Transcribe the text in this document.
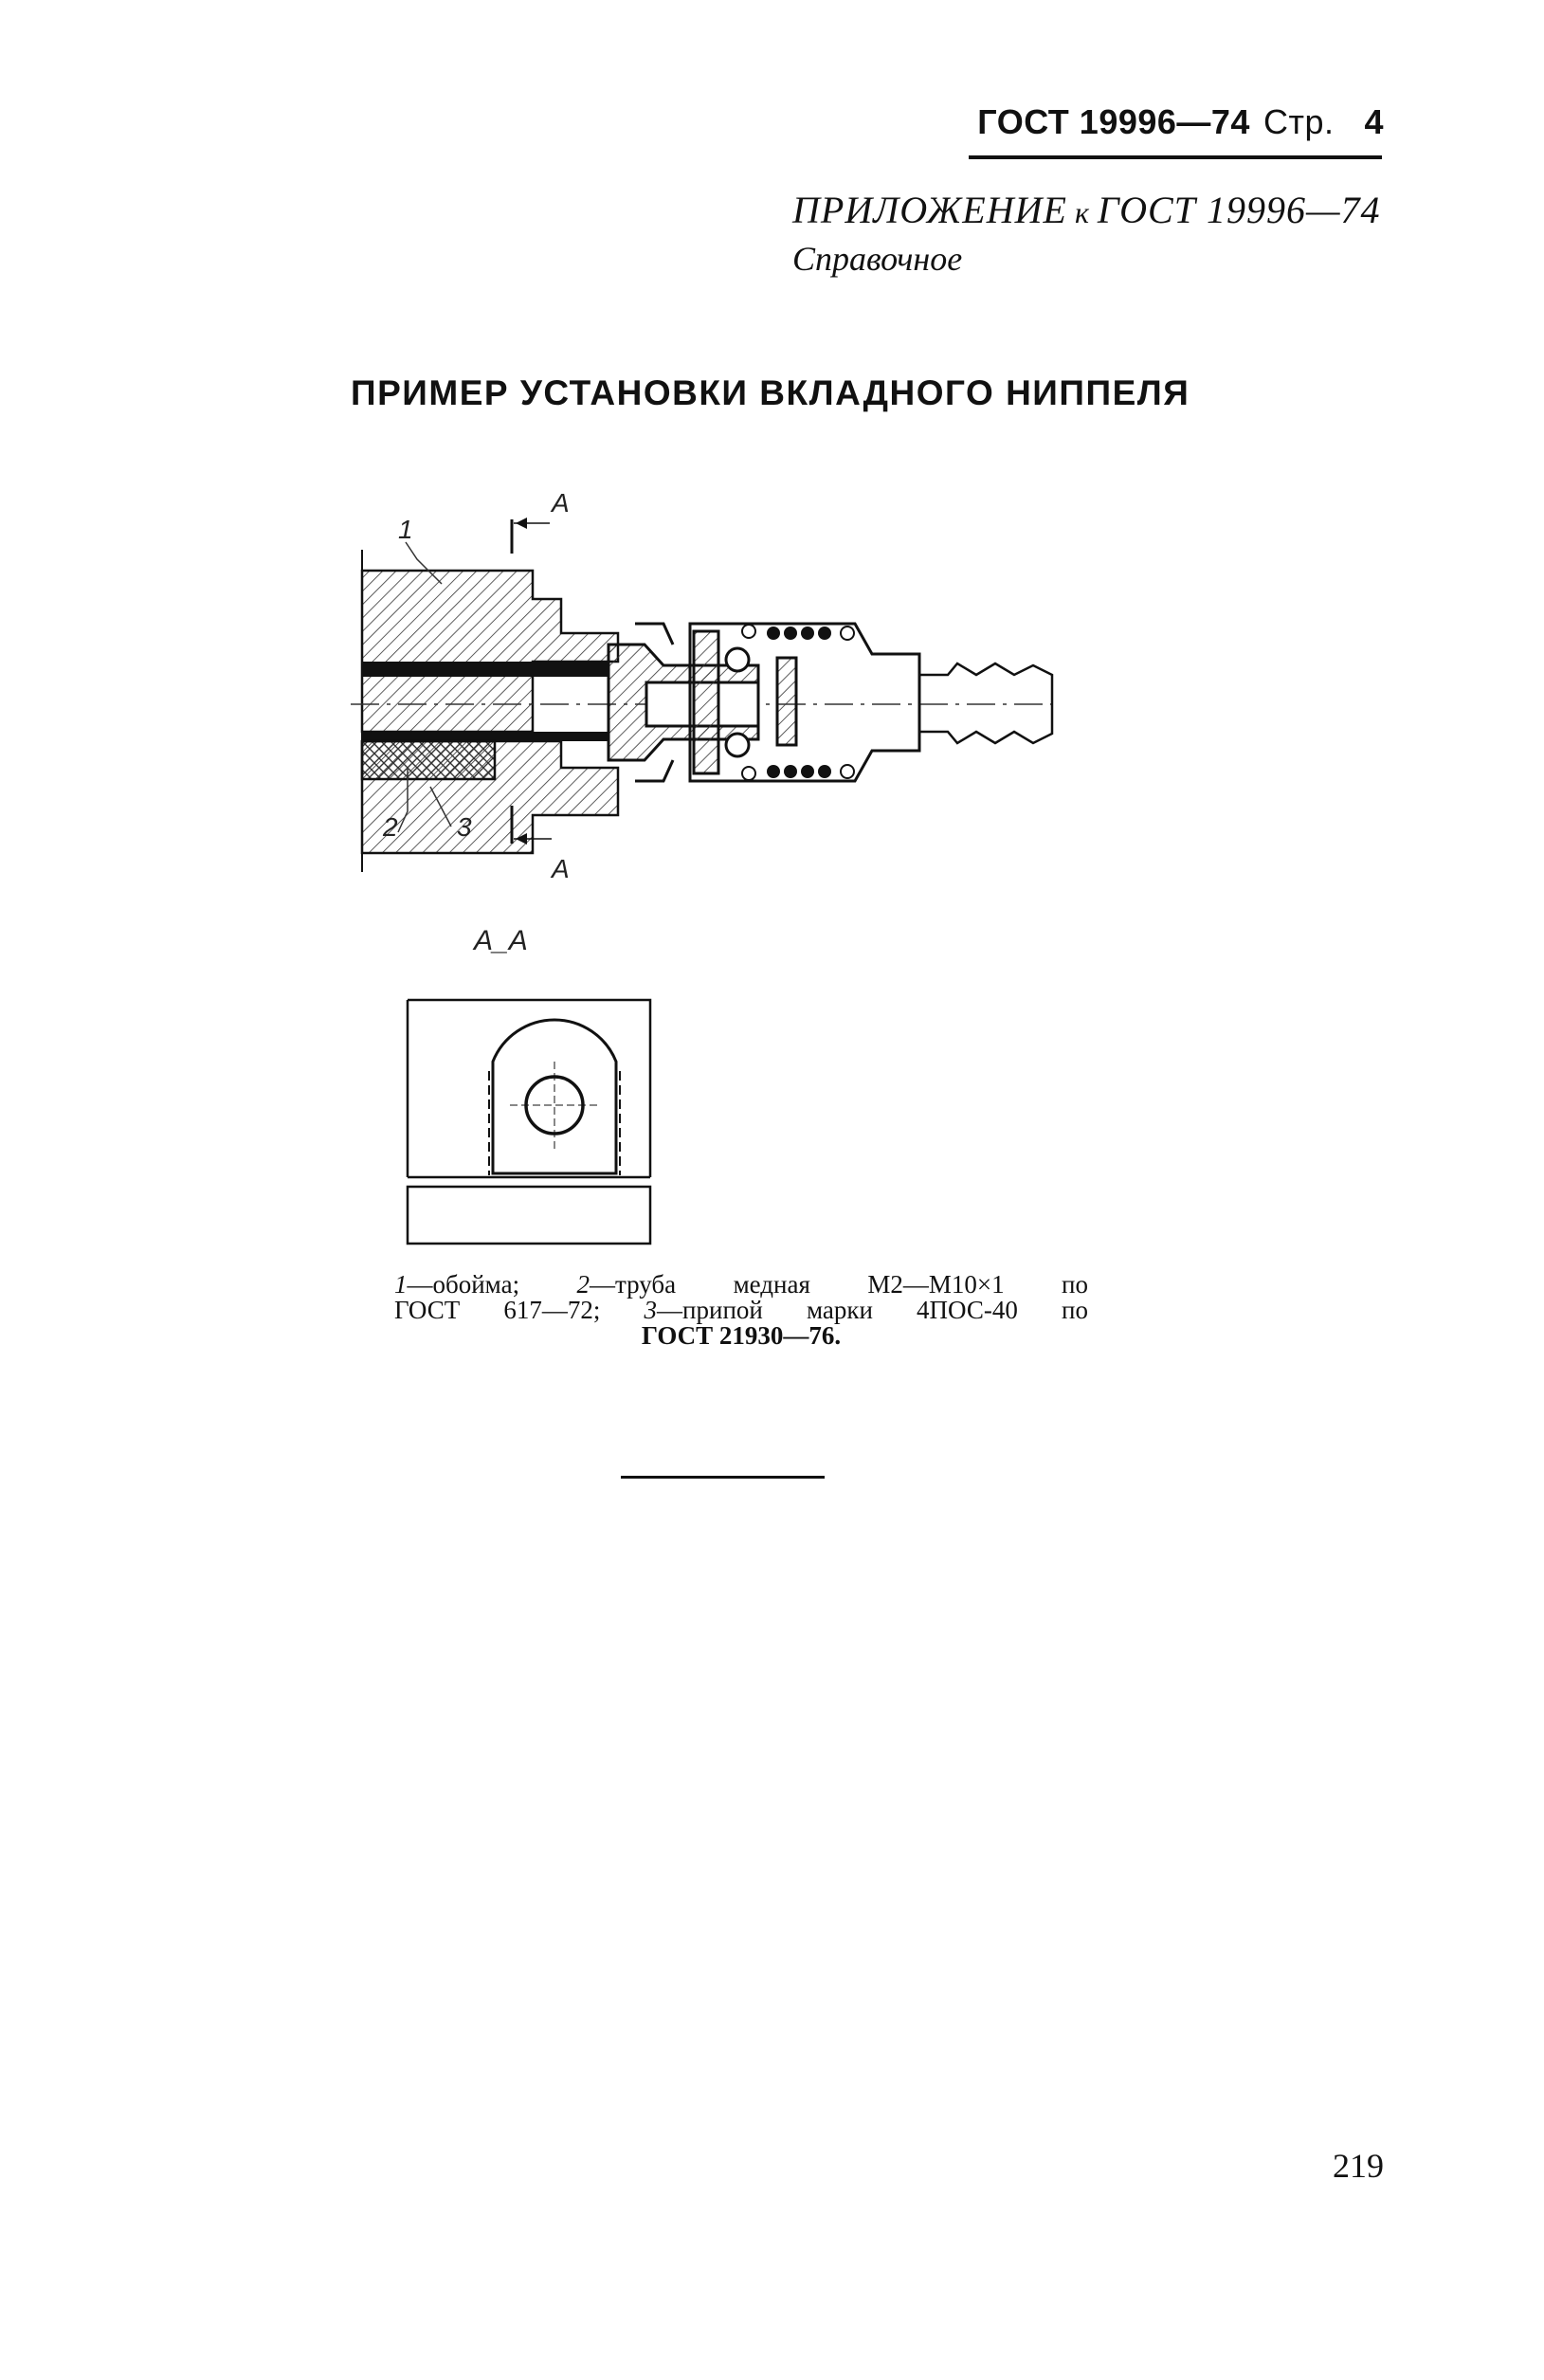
ГОСТ 19996—74 Стр. 4
ПРИЛОЖЕНИЕ к ГОСТ 19996—74
Справочное
ПРИМЕР УСТАНОВКИ ВКЛАДНОГО НИППЕЛЯ
1
2 3
А
А
А_А
1—обойма; 2—труба медная М2—М10×1 по
ГОСТ 617—72; 3—припой марки 4ПОС-40 по
ГОСТ 21930—76.
219
